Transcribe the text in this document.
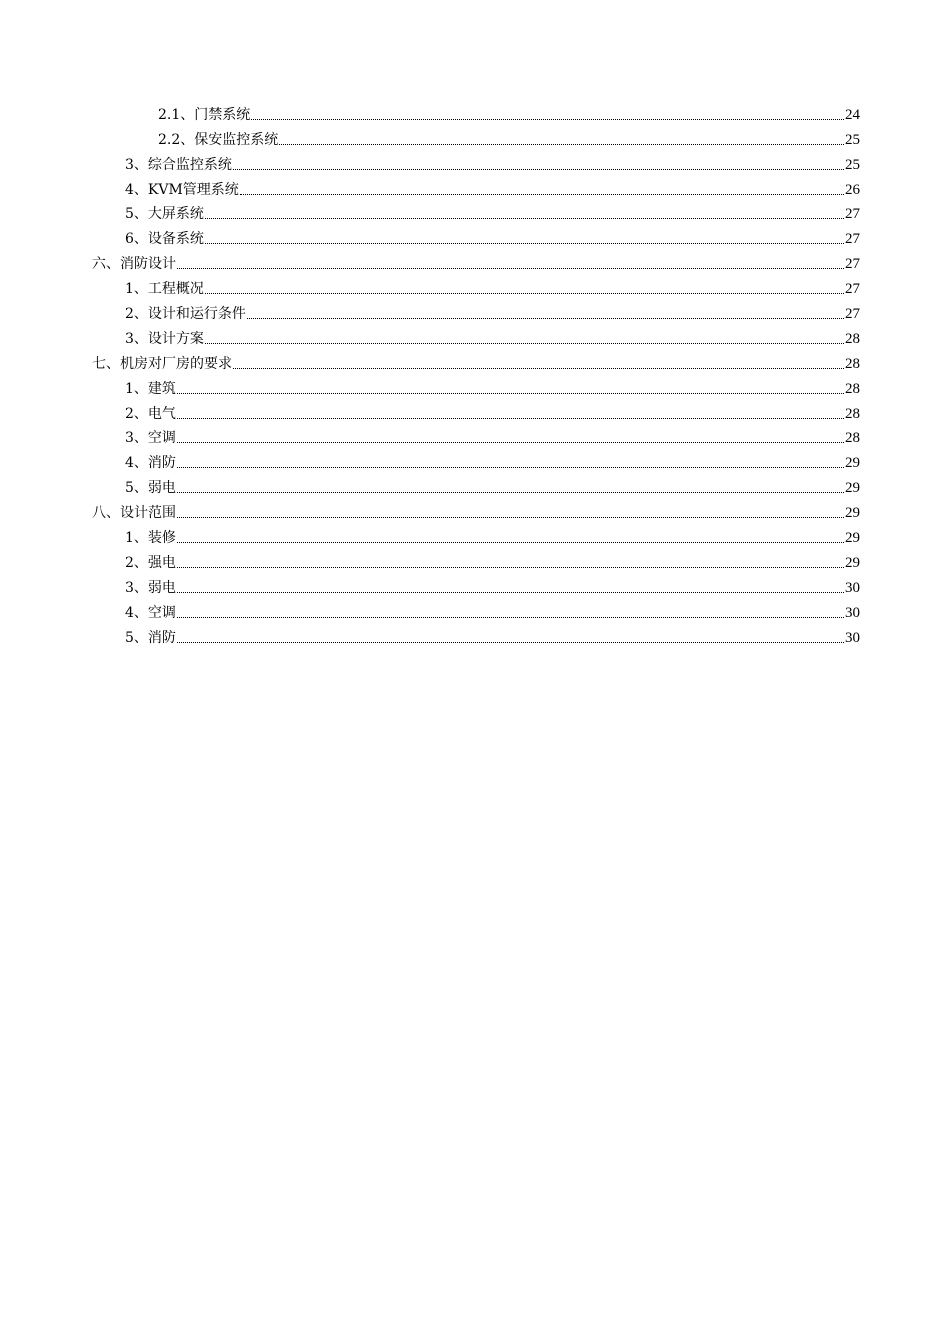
2.1、门禁系统	24
2.2、保安监控系统	25
3、综合监控系统	25
4、KVM管理系统	26
5、大屏系统	27
6、设备系统	27
六、消防设计	27
1、工程概况	27
2、设计和运行条件	27
3、设计方案	28
七、机房对厂房的要求	28
1、建筑	28
2、电气	28
3、空调	28
4、消防	29
5、弱电	29
八、设计范围	29
1、装修	29
2、强电	29
3、弱电	30
4、空调	30
5、消防	30
